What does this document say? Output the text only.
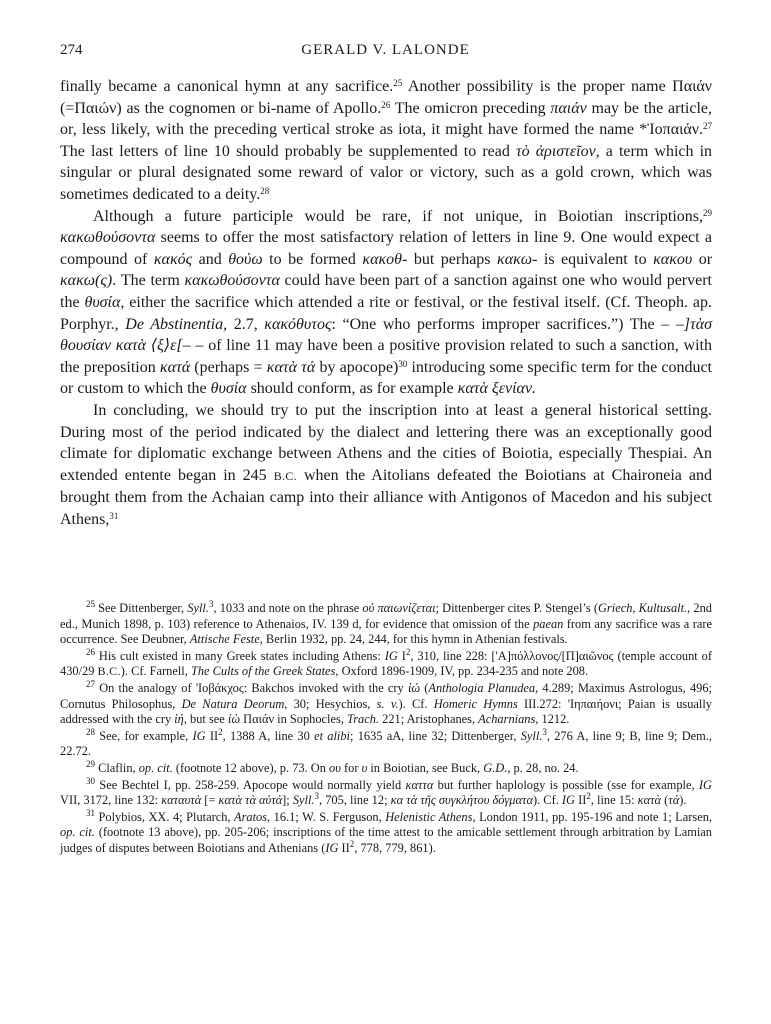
274	GERALD V. LALONDE

finally became a canonical hymn at any sacrifice.$^{25}$ Another possibility is the proper name Παιάν (=Παιών) as the cognomen or bi-name of Apollo.$^{26}$ The omicron preceding παιάν may be the article, or, less likely, with the preceding vertical stroke as iota, it might have formed the name *Ἰοπαιάν.$^{27}$ The last letters of line 10 should probably be supplemented to read τὸ ἀριστεῖον, a term which in singular or plural designated some reward of valor or victory, such as a gold crown, which was sometimes dedicated to a deity.$^{28}$

Although a future participle would be rare, if not unique, in Boiotian inscriptions,$^{29}$ κακωθούσοντα seems to offer the most satisfactory relation of letters in line 9. One would expect a compound of κακός and θούω to be formed κακοθ- but perhaps κακω- is equivalent to κακου or κακω(ς). The term κακωθούσοντα could have been part of a sanction against one who would pervert the θυσία, either the sacrifice which attended a rite or festival, or the festival itself. (Cf. Theoph. ap. Porphyr., De Abstinentia, 2.7, κακόθυτος: “One who performs improper sacrifices.”) The – –]τὰσ θουσίαν κατὰ ⟨ξ⟩ε[– – of line 11 may have been a positive provision related to such a sanction, with the preposition κατά (perhaps = κατὰ τά by apocope)$^{30}$ introducing some specific term for the conduct or custom to which the θυσία should conform, as for example κατὰ ξενίαν.

In concluding, we should try to put the inscription into at least a general historical setting. During most of the period indicated by the dialect and lettering there was an exceptionally good climate for diplomatic exchange between Athens and the cities of Boiotia, especially Thespiai. An extended entente began in 245 B.C. when the Aitolians defeated the Boiotians at Chaironeia and brought them from the Achaian camp into their alliance with Antigonos of Macedon and his subject Athens,$^{31}$

$^{25}$ See Dittenberger, Syll.$^3$, 1033 and note on the phrase οὐ παιωνίζεται; Dittenberger cites P. Stengel’s (Griech, Kultusalt., 2nd ed., Munich 1898, p. 103) reference to Athenaios, IV. 139 d, for evidence that omission of the paean from any sacrifice was a rare occurrence. See Deubner, Attische Feste, Berlin 1932, pp. 24, 244, for this hymn in Athenian festivals.

$^{26}$ His cult existed in many Greek states including Athens: IG $I^2$, 310, line 228: ['Α]πόλλονος/[Π]αιῶνος (temple account of 430/29 B.C.). Cf. Farnell, The Cults of the Greek States, Oxford 1896-1909, IV, pp. 234-235 and note 208.

$^{27}$ On the analogy of 'Ιοβάκχος: Bakchos invoked with the cry ἰώ (Anthologia Planudea, 4.289; Maximus Astrologus, 496; Cornutus Philosophus, De Natura Deorum, 30; Hesychios, s. v.). Cf. Homeric Hymns III.272: 'Ιηπαιήονι; Paian is usually addressed with the cry ἰή, but see ἰὼ Παιάν in Sophocles, Trach. 221; Aristophanes, Acharnians, 1212.

$^{28}$ See, for example, IG $II^2$, 1388 A, line 30 et alibi; 1635 aA, line 32; Dittenberger, Syll.$^3$, 276 A, line 9; B, line 9; Dem., 22.72.

$^{29}$ Claflin, op. cit. (footnote 12 above), p. 73. On ου for υ in Boiotian, see Buck, G.D., p. 28, no. 24.

$^{30}$ See Bechtel I, pp. 258-259. Apocope would normally yield καττα but further haplology is possible (sse for example, IG VII, 3172, line 132: καταυτὰ [= κατὰ τὰ αὐτά]; Syll.$^3$, 705, line 12; κα τὰ τῆς συγκλήτου δόγματα). Cf. IG $II^2$, line 15: κατὰ (τά).

$^{31}$ Polybios, XX. 4; Plutarch, Aratos, 16.1; W. S. Ferguson, Helenistic Athens, London 1911, pp. 195-196 and note 1; Larsen, op. cit. (footnote 13 above), pp. 205-206; inscriptions of the time attest to the amicable settlement through arbitration by Lamian judges of disputes between Boiotians and Athenians (IG $II^2$, 778, 779, 861).
